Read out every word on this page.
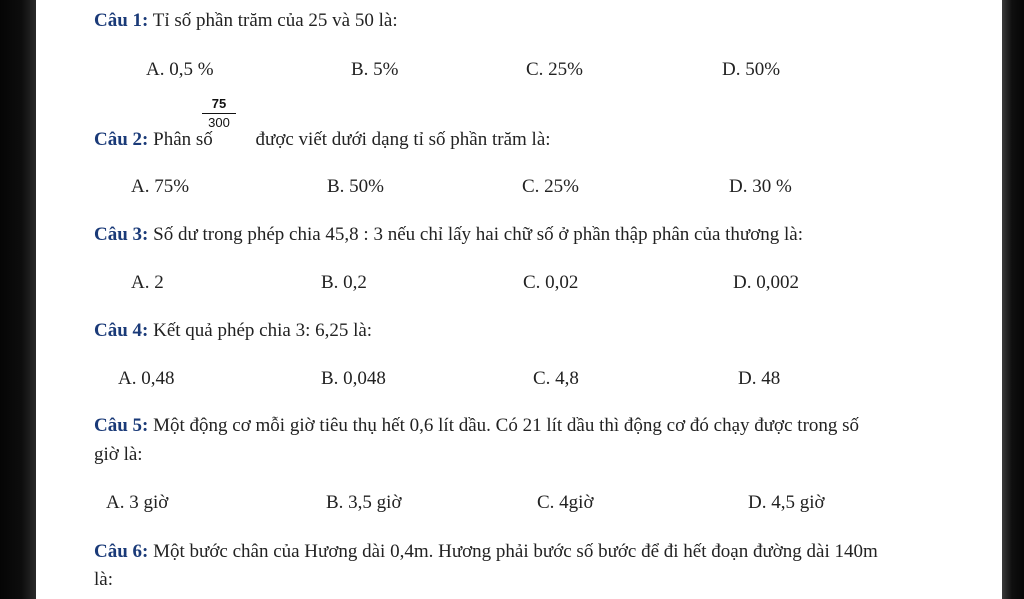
Câu 1: Tỉ số phần trăm của 25 và 50 là:
A. 0,5 %	B. 5%	C. 25%	D. 50%
$\frac{75}{300}$
Câu 2: Phân số được viết dưới dạng tỉ số phần trăm là:
A. 75%	B. 50%	C. 25%	D. 30 %
Câu 3: Số dư trong phép chia 45,8 : 3 nếu chỉ lấy hai chữ số ở phần thập phân của thương là:
A. 2	B. 0,2	C. 0,02	D. 0,002
Câu 4: Kết quả phép chia 3: 6,25 là:
A. 0,48	B. 0,048	C. 4,8	D. 48
Câu 5: Một động cơ mỗi giờ tiêu thụ hết 0,6 lít dầu. Có 21 lít dầu thì động cơ đó chạy được trong số
giờ là:
A. 3 giờ	B. 3,5 giờ	C. 4giờ	D. 4,5 giờ
Câu 6: Một bước chân của Hương dài 0,4m. Hương phải bước số bước để đi hết đoạn đường dài 140m
là:
